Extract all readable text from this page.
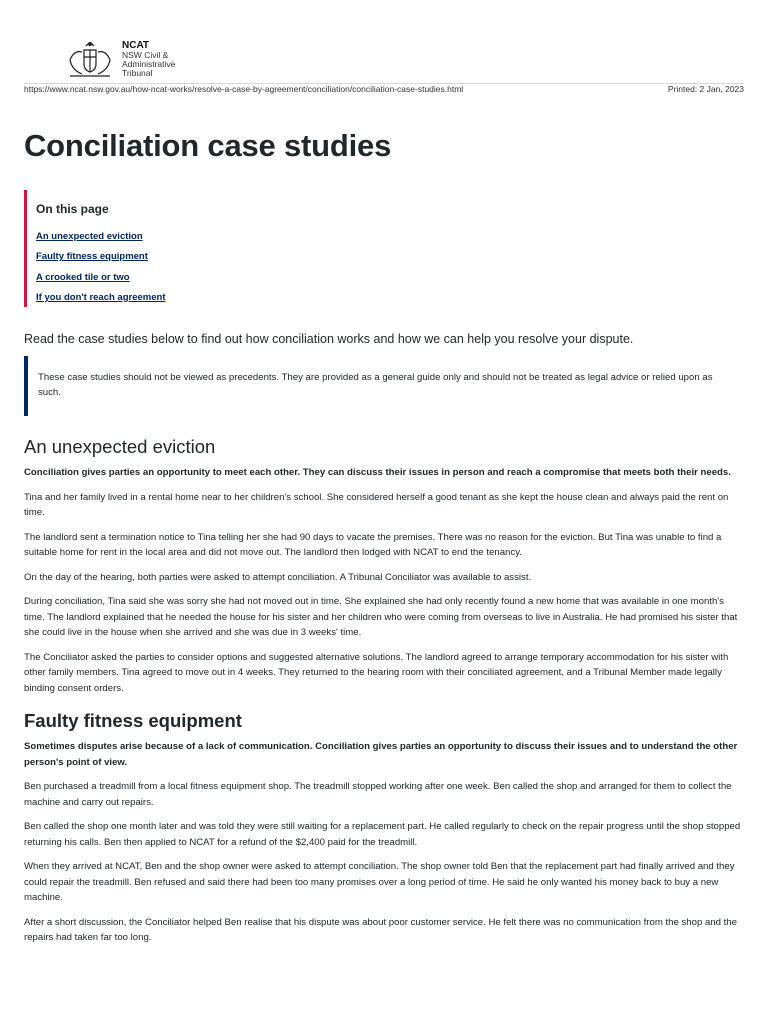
NCAT
NSW Civil &
Administrative
Tribunal
https://www.ncat.nsw.gov.au/how-ncat-works/resolve-a-case-by-agreement/conciliation/conciliation-case-studies.html	Printed: 2 Jan, 2023
Conciliation case studies
On this page
An unexpected eviction
Faulty fitness equipment
A crooked tile or two
If you don't reach agreement

Read the case studies below to find out how conciliation works and how we can help you resolve your dispute.

These case studies should not be viewed as precedents. They are provided as a general guide only and should not be treated as legal advice or relied upon as such.

An unexpected eviction

Conciliation gives parties an opportunity to meet each other. They can discuss their issues in person and reach a compromise that meets both their needs.

Tina and her family lived in a rental home near to her children's school. She considered herself a good tenant as she kept the house clean and always paid the rent on time.

The landlord sent a termination notice to Tina telling her she had 90 days to vacate the premises. There was no reason for the eviction. But Tina was unable to find a suitable home for rent in the local area and did not move out. The landlord then lodged with NCAT to end the tenancy.

On the day of the hearing, both parties were asked to attempt conciliation. A Tribunal Conciliator was available to assist.

During conciliation, Tina said she was sorry she had not moved out in time. She explained she had only recently found a new home that was available in one month's time. The landlord explained that he needed the house for his sister and her children who were coming from overseas to live in Australia. He had promised his sister that she could live in the house when she arrived and she was due in 3 weeks' time.

The Conciliator asked the parties to consider options and suggested alternative solutions. The landlord agreed to arrange temporary accommodation for his sister with other family members. Tina agreed to move out in 4 weeks. They returned to the hearing room with their conciliated agreement, and a Tribunal Member made legally binding consent orders.

Faulty fitness equipment

Sometimes disputes arise because of a lack of communication. Conciliation gives parties an opportunity to discuss their issues and to understand the other person's point of view.

Ben purchased a treadmill from a local fitness equipment shop. The treadmill stopped working after one week. Ben called the shop and arranged for them to collect the machine and carry out repairs.

Ben called the shop one month later and was told they were still waiting for a replacement part. He called regularly to check on the repair progress until the shop stopped returning his calls. Ben then applied to NCAT for a refund of the $2,400 paid for the treadmill.

When they arrived at NCAT, Ben and the shop owner were asked to attempt conciliation. The shop owner told Ben that the replacement part had finally arrived and they could repair the treadmill. Ben refused and said there had been too many promises over a long period of time. He said he only wanted his money back to buy a new machine.

After a short discussion, the Conciliator helped Ben realise that his dispute was about poor customer service. He felt there was no communication from the shop and the repairs had taken far too long.
